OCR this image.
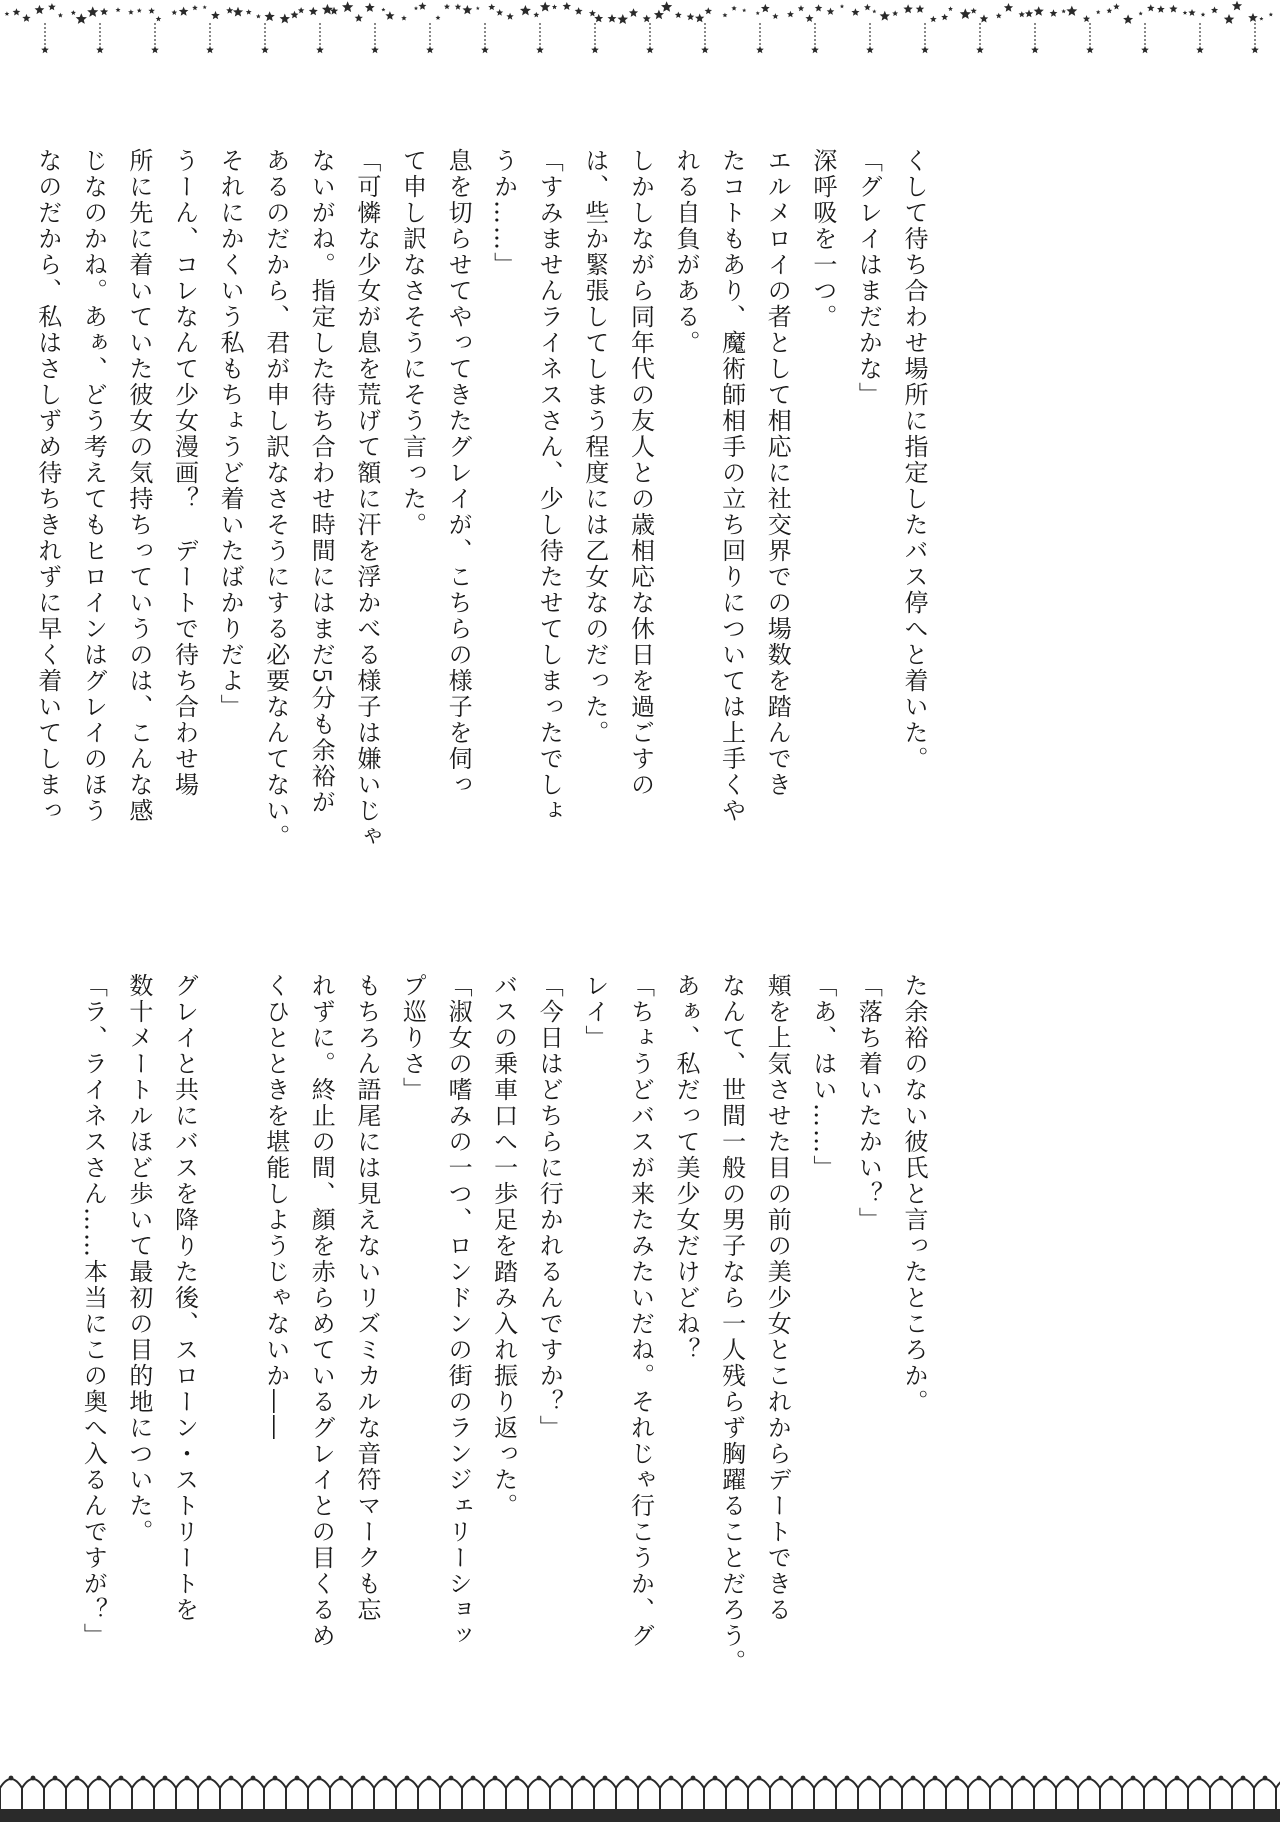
くして待ち合わせ場所に指定したバス停へと着いた。
「グレイはまだかな」
深呼吸を一つ。
エルメロイの者として相応に社交界での場数を踏んでき
たコトもあり、魔術師相手の立ち回りについては上手くや
れる自負がある。
しかしながら同年代の友人との歳相応な休日を過ごすの
は、些か緊張してしまう程度には乙女なのだった。
「すみませんライネスさん、少し待たせてしまったでしょ
うか……」
息を切らせてやってきたグレイが、こちらの様子を伺っ
て申し訳なさそうにそう言った。
「可憐な少女が息を荒げて額に汗を浮かべる様子は嫌いじゃ
ないがね。指定した待ち合わせ時間にはまだ5分も余裕が
あるのだから、君が申し訳なさそうにする必要なんてない。
それにかくいう私もちょうど着いたばかりだよ」
うーん、コレなんて少女漫画？　デートで待ち合わせ場
所に先に着いていた彼女の気持ちっていうのは、こんな感
じなのかね。あぁ、どう考えてもヒロインはグレイのほう
なのだから、私はさしずめ待ちきれずに早く着いてしまっ
た余裕のない彼氏と言ったところか。
「落ち着いたかい？」
「あ、はい……」
頬を上気させた目の前の美少女とこれからデートできる
なんて、世間一般の男子なら一人残らず胸躍ることだろう。
あぁ、私だって美少女だけどね？
「ちょうどバスが来たみたいだね。それじゃ行こうか、グ
レイ」
「今日はどちらに行かれるんですか？」
バスの乗車口へ一歩足を踏み入れ振り返った。
「淑女の嗜みの一つ、ロンドンの街のランジェリーショッ
プ巡りさ」
もちろん語尾には見えないリズミカルな音符マークも忘
れずに。終止の間、顔を赤らめているグレイとの目くるめ
くひとときを堪能しようじゃないか――
グレイと共にバスを降りた後、スローン・ストリートを
数十メートルほど歩いて最初の目的地についた。
「ラ、ライネスさん……本当にこの奥へ入るんですが？」
